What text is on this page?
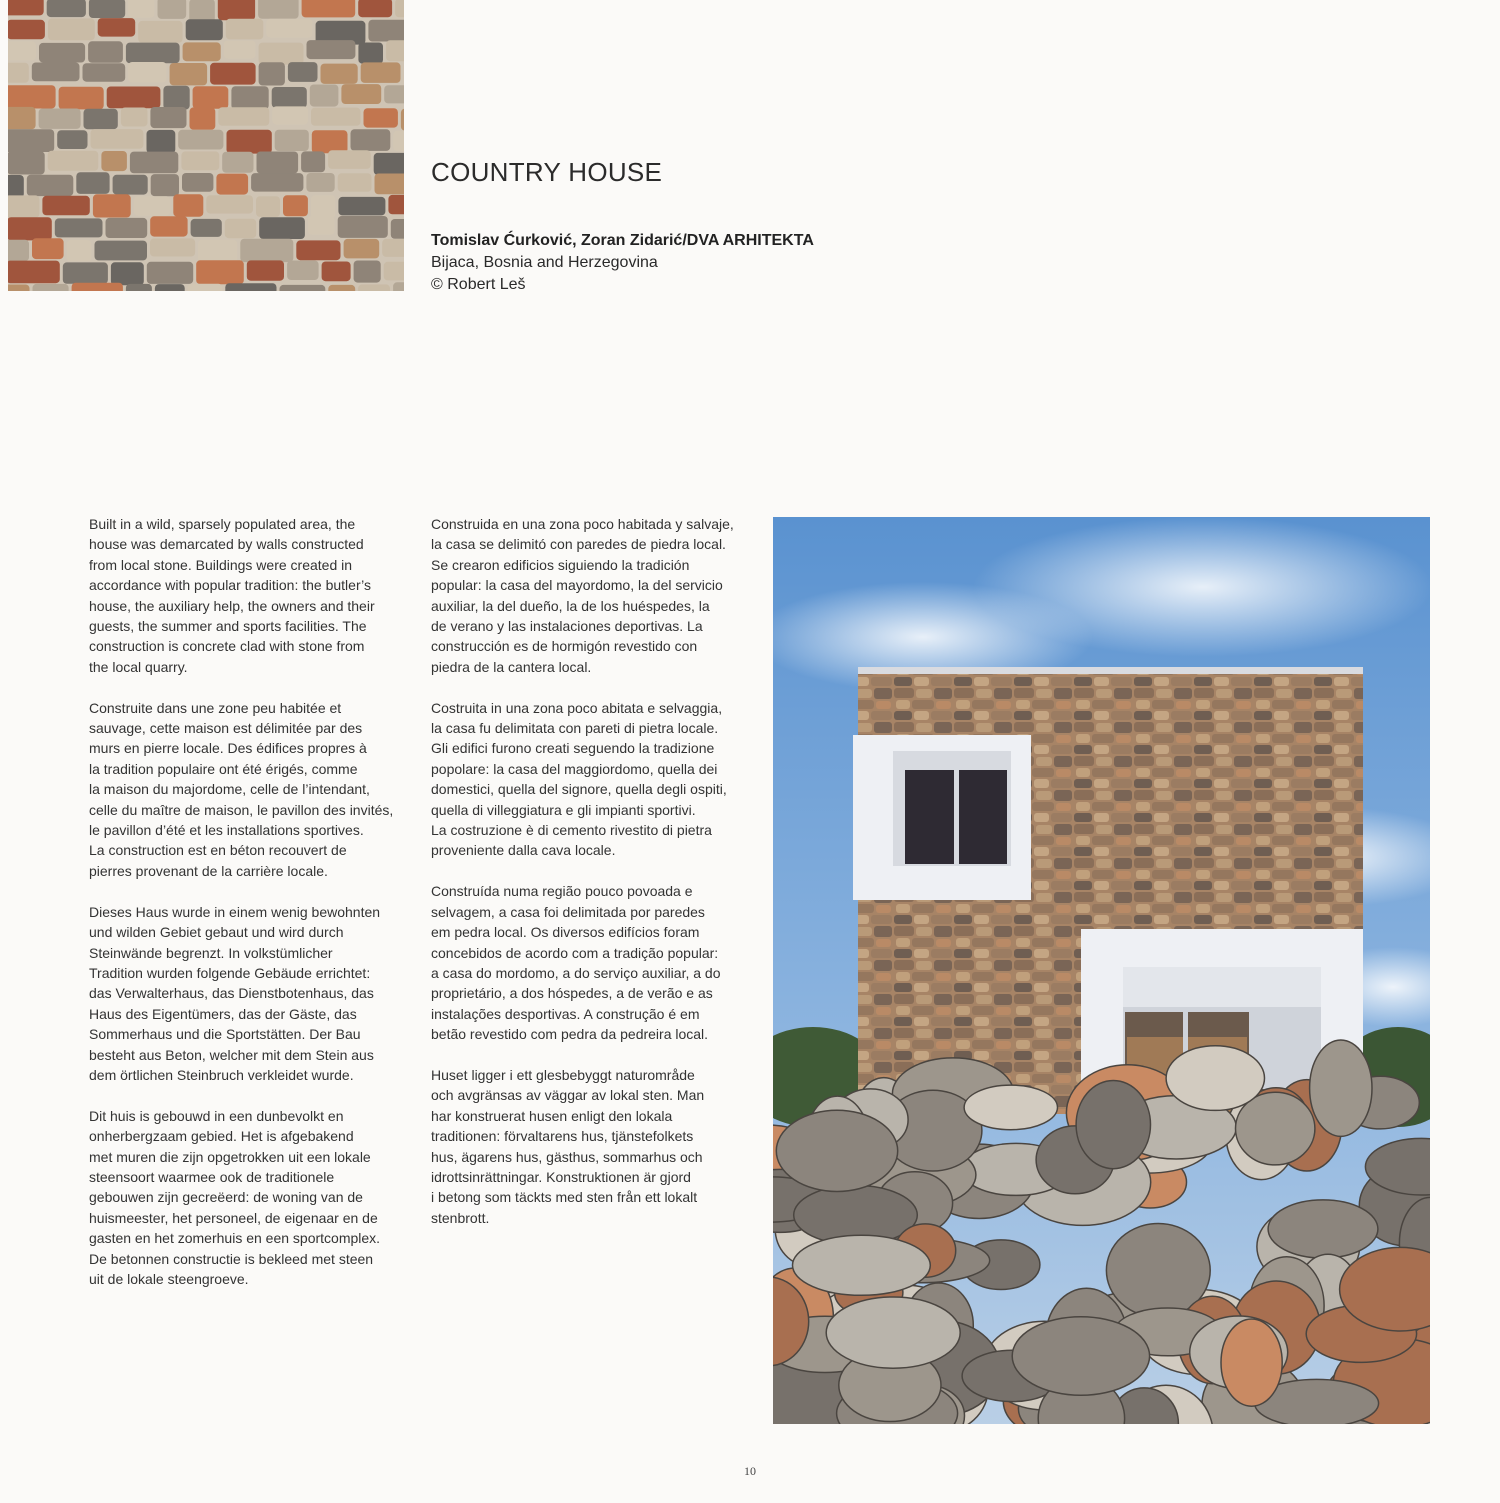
COUNTRY HOUSE
Tomislav Ćurković, Zoran Zidarić/DVA ARHITEKTA
Bijaca, Bosnia and Herzegovina
© Robert Leš

Built in a wild, sparsely populated area, the
house was demarcated by walls constructed
from local stone. Buildings were created in
accordance with popular tradition: the butler’s
house, the auxiliary help, the owners and their
guests, the summer and sports facilities. The
construction is concrete clad with stone from
the local quarry.

Construite dans une zone peu habitée et
sauvage, cette maison est délimitée par des
murs en pierre locale. Des édifices propres à
la tradition populaire ont été érigés, comme
la maison du majordome, celle de l’intendant,
celle du maître de maison, le pavillon des invités,
le pavillon d’été et les installations sportives.
La construction est en béton recouvert de
pierres provenant de la carrière locale.

Dieses Haus wurde in einem wenig bewohnten
und wilden Gebiet gebaut und wird durch
Steinwände begrenzt. In volkstümlicher
Tradition wurden folgende Gebäude errichtet:
das Verwalterhaus, das Dienstbotenhaus, das
Haus des Eigentümers, das der Gäste, das
Sommerhaus und die Sportstätten. Der Bau
besteht aus Beton, welcher mit dem Stein aus
dem örtlichen Steinbruch verkleidet wurde.

Dit huis is gebouwd in een dunbevolkt en
onherbergzaam gebied. Het is afgebakend
met muren die zijn opgetrokken uit een lokale
steensoort waarmee ook de traditionele
gebouwen zijn gecreëerd: de woning van de
huismeester, het personeel, de eigenaar en de
gasten en het zomerhuis en een sportcomplex.
De betonnen constructie is bekleed met steen
uit de lokale steengroeve.

Construida en una zona poco habitada y salvaje,
la casa se delimitó con paredes de piedra local.
Se crearon edificios siguiendo la tradición
popular: la casa del mayordomo, la del servicio
auxiliar, la del dueño, la de los huéspedes, la
de verano y las instalaciones deportivas. La
construcción es de hormigón revestido con
piedra de la cantera local.

Costruita in una zona poco abitata e selvaggia,
la casa fu delimitata con pareti di pietra locale.
Gli edifici furono creati seguendo la tradizione
popolare: la casa del maggiordomo, quella dei
domestici, quella del signore, quella degli ospiti,
quella di villeggiatura e gli impianti sportivi.
La costruzione è di cemento rivestito di pietra
proveniente dalla cava locale.

Construída numa região pouco povoada e
selvagem, a casa foi delimitada por paredes
em pedra local. Os diversos edifícios foram
concebidos de acordo com a tradição popular:
a casa do mordomo, a do serviço auxiliar, a do
proprietário, a dos hóspedes, a de verão e as
instalações desportivas. A construção é em
betão revestido com pedra da pedreira local.

Huset ligger i ett glesbebyggt naturområde
och avgränsas av väggar av lokal sten. Man
har konstruerat husen enligt den lokala
traditionen: förvaltarens hus, tjänstefolkets
hus, ägarens hus, gästhus, sommarhus och
idrottsinrättningar. Konstruktionen är gjord
i betong som täckts med sten från ett lokalt
stenbrott.

10
